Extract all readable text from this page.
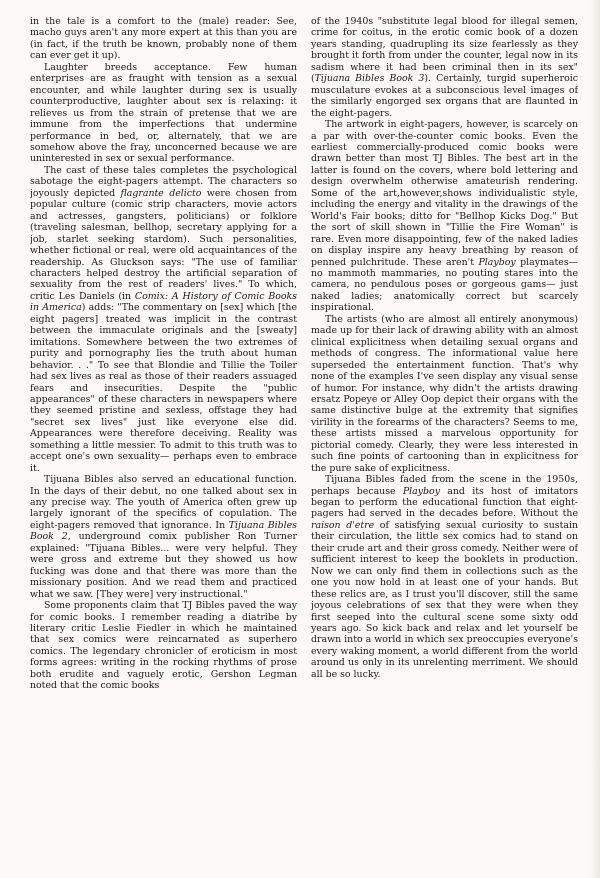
in the tale is a comfort to the (male) reader: See, macho guys aren't any more expert at this than you are (in fact, if the truth be known, probably none of them can ever get it up).

Laughter breeds acceptance. Few human enterprises are as fraught with tension as a sexual encounter, and while laughter during sex is usually counterproductive, laughter about sex is relaxing: it relieves us from the strain of pretense that we are immune from the imperfections that undermine performance in bed, or, alternately, that we are somehow above the fray, unconcerned because we are uninterested in sex or sexual performance.

The cast of these tales completes the psychological sabotage the eight-pagers attempt. The characters so joyously depicted flagrante delicto were chosen from popular culture (comic strip characters, movie actors and actresses, gangsters, politicians) or folklore (traveling salesman, bellhop, secretary applying for a job, starlet seeking stardom). Such personalities, whether fictional or real, were old acquaintances of the readership. As Gluckson says: "The use of familiar characters helped destroy the artificial separation of sexuality from the rest of readers' lives." To which, critic Les Daniels (in Comix: A History of Comic Books in America) adds: "The commentary on [sex] which [the eight pagers] treated was implicit in the contrast between the immaculate originals and the [sweaty] imitations. Somewhere between the two extremes of purity and pornography lies the truth about human behavior. . ." To see that Blondie and Tillie the Toiler had sex lives as real as those of their readers assuaged fears and insecurities. Despite the "public appearances" of these characters in newspapers where they seemed pristine and sexless, offstage they had "secret sex lives" just like everyone else did. Appearances were therefore deceiving. Reality was something a little messier. To admit to this truth was to accept one's own sexuality— perhaps even to embrace it.

Tijuana Bibles also served an educational function. In the days of their debut, no one talked about sex in any precise way. The youth of America often grew up largely ignorant of the specifics of copulation. The eight-pagers removed that ignorance. In Tijuana Bibles Book 2, underground comix publisher Ron Turner explained: "Tijuana Bibles... were very helpful. They were gross and extreme but they showed us how fucking was done and that there was more than the missionary position. And we read them and practiced what we saw. [They were] very instructional."

Some proponents claim that TJ Bibles paved the way for comic books. I remember reading a diatribe by literary critic Leslie Fiedler in which he maintained that sex comics were reincarnated as superhero comics. The legendary chronicler of eroticism in most forms agrees: writing in the rocking rhythms of prose both erudite and vaguely erotic, Gershon Legman noted that the comic books

of the 1940s "substitute legal blood for illegal semen, crime for coitus, in the erotic comic book of a dozen years standing, quadrupling its size fearlessly as they brought it forth from under the counter, legal now in its sadism where it had been criminal then in its sex" (Tijuana Bibles Book 3). Certainly, turgid superheroic musculature evokes at a subconscious level images of the similarly engorged sex organs that are flaunted in the eight-pagers.

The artwork in eight-pagers, however, is scarcely on a par with over-the-counter comic books. Even the earliest commercially-produced comic books were drawn better than most TJ Bibles. The best art in the latter is found on the covers, where bold lettering and design overwhelm otherwise amateurish rendering. Some of the art,however,shows individualistic style, including the energy and vitality in the drawings of the World's Fair books; ditto for "Bellhop Kicks Dog." But the sort of skill shown in "Tillie the Fire Woman" is rare. Even more disappointing, few of the naked ladies on display inspire any heavy breathing by reason of penned pulchritude. These aren't Playboy playmates— no mammoth mammaries, no pouting stares into the camera, no pendulous poses or gorgeous gams— just naked ladies; anatomically correct but scarcely inspirational.

The artists (who are almost all entirely anonymous) made up for their lack of drawing ability with an almost clinical explicitness when detailing sexual organs and methods of congress. The informational value here superseded the entertainment function. That's why none of the examples I've seen display any visual sense of humor. For instance, why didn't the artists drawing ersatz Popeye or Alley Oop depict their organs with the same distinctive bulge at the extremity that signifies virility in the forearms of the characters? Seems to me, these artists missed a marvelous opportunity for pictorial comedy. Clearly, they were less interested in such fine points of cartooning than in explicitness for the pure sake of explicitness.

Tijuana Bibles faded from the scene in the 1950s, perhaps because Playboy and its host of imitators began to perform the educational function that eight-pagers had served in the decades before. Without the raison d'etre of satisfying sexual curiosity to sustain their circulation, the little sex comics had to stand on their crude art and their gross comedy. Neither were of sufficient interest to keep the booklets in production. Now we can only find them in collections such as the one you now hold in at least one of your hands. But these relics are, as I trust you'll discover, still the same joyous celebrations of sex that they were when they first seeped into the cultural scene some sixty odd years ago. So kick back and relax and let yourself be drawn into a world in which sex preoccupies everyone's every waking moment, a world different from the world around us only in its unrelenting merriment. We should all be so lucky.
